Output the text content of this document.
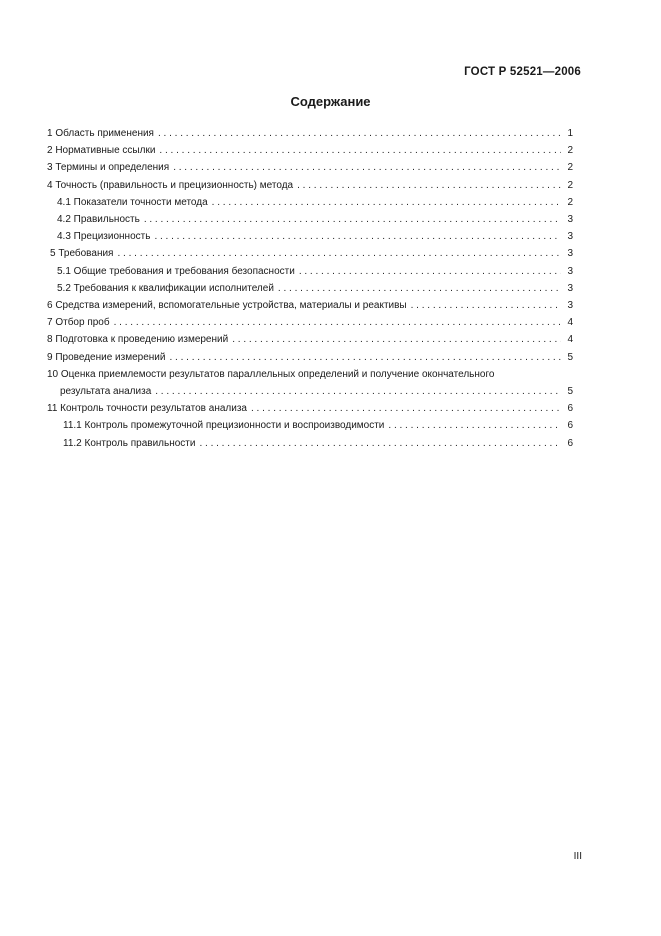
ГОСТ Р 52521—2006
Содержание
1 Область применения . . .	1
2 Нормативные ссылки . . .	2
3 Термины и определения . . .	2
4 Точность (правильность и прецизионность) метода . . .	2
4.1 Показатели точности метода . . .	2
4.2 Правильность . . .	3
4.3 Прецизионность . . .	3
5 Требования . . .	3
5.1 Общие требования и требования безопасности . . .	3
5.2 Требования к квалификации исполнителей . . .	3
6 Средства измерений, вспомогательные устройства, материалы и реактивы . . .	3
7 Отбор проб . . .	4
8 Подготовка к проведению измерений . . .	4
9 Проведение измерений . . .	5
10 Оценка приемлемости результатов параллельных определений и получение окончательного
результата анализа . . .	5
11 Контроль точности результатов анализа . . .	6
11.1 Контроль промежуточной прецизионности и воспроизводимости . . .	6
11.2 Контроль правильности . . .	6
III
